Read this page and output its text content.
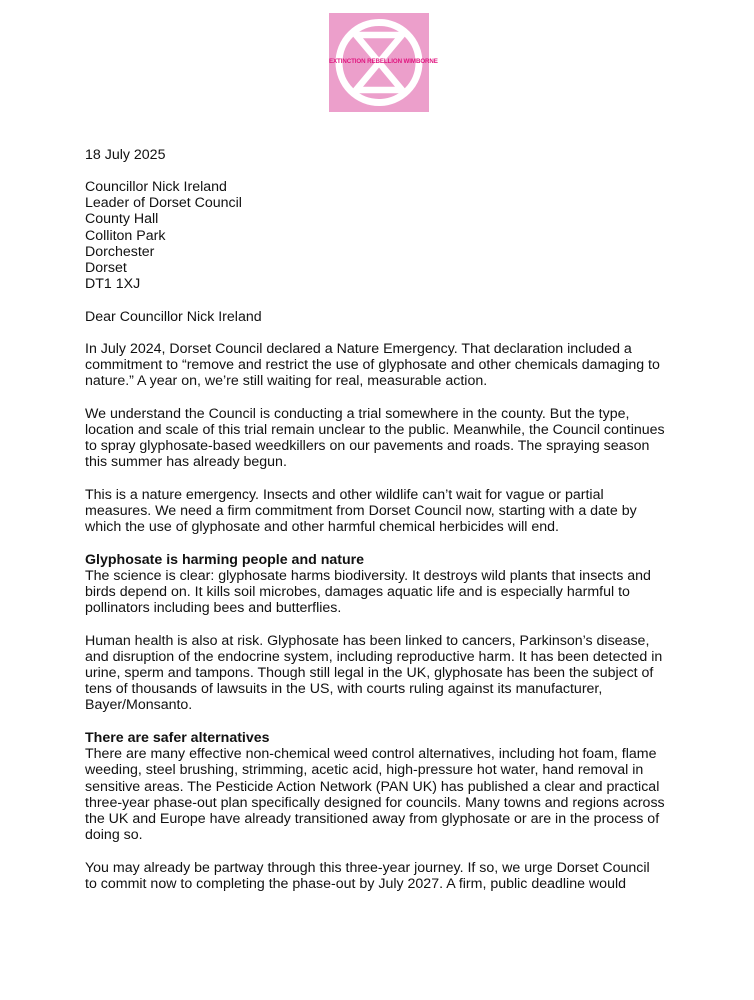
EXTINCTION REBELLION WIMBORNE
18 July 2025
Councillor Nick Ireland
Leader of Dorset Council
County Hall
Colliton Park
Dorchester
Dorset
DT1 1XJ
Dear Councillor Nick Ireland
In July 2024, Dorset Council declared a Nature Emergency. That declaration included a
commitment to “remove and restrict the use of glyphosate and other chemicals damaging to
nature.” A year on, we’re still waiting for real, measurable action.
We understand the Council is conducting a trial somewhere in the county. But the type,
location and scale of this trial remain unclear to the public. Meanwhile, the Council continues
to spray glyphosate-based weedkillers on our pavements and roads. The spraying season
this summer has already begun.
This is a nature emergency. Insects and other wildlife can’t wait for vague or partial
measures. We need a firm commitment from Dorset Council now, starting with a date by
which the use of glyphosate and other harmful chemical herbicides will end.
Glyphosate is harming people and nature
The science is clear: glyphosate harms biodiversity. It destroys wild plants that insects and
birds depend on. It kills soil microbes, damages aquatic life and is especially harmful to
pollinators including bees and butterflies.
Human health is also at risk. Glyphosate has been linked to cancers, Parkinson’s disease,
and disruption of the endocrine system, including reproductive harm. It has been detected in
urine, sperm and tampons. Though still legal in the UK, glyphosate has been the subject of
tens of thousands of lawsuits in the US, with courts ruling against its manufacturer,
Bayer/Monsanto.
There are safer alternatives
There are many effective non-chemical weed control alternatives, including hot foam, flame
weeding, steel brushing, strimming, acetic acid, high-pressure hot water, hand removal in
sensitive areas. The Pesticide Action Network (PAN UK) has published a clear and practical
three-year phase-out plan specifically designed for councils. Many towns and regions across
the UK and Europe have already transitioned away from glyphosate or are in the process of
doing so.
You may already be partway through this three-year journey. If so, we urge Dorset Council
to commit now to completing the phase-out by July 2027. A firm, public deadline would
